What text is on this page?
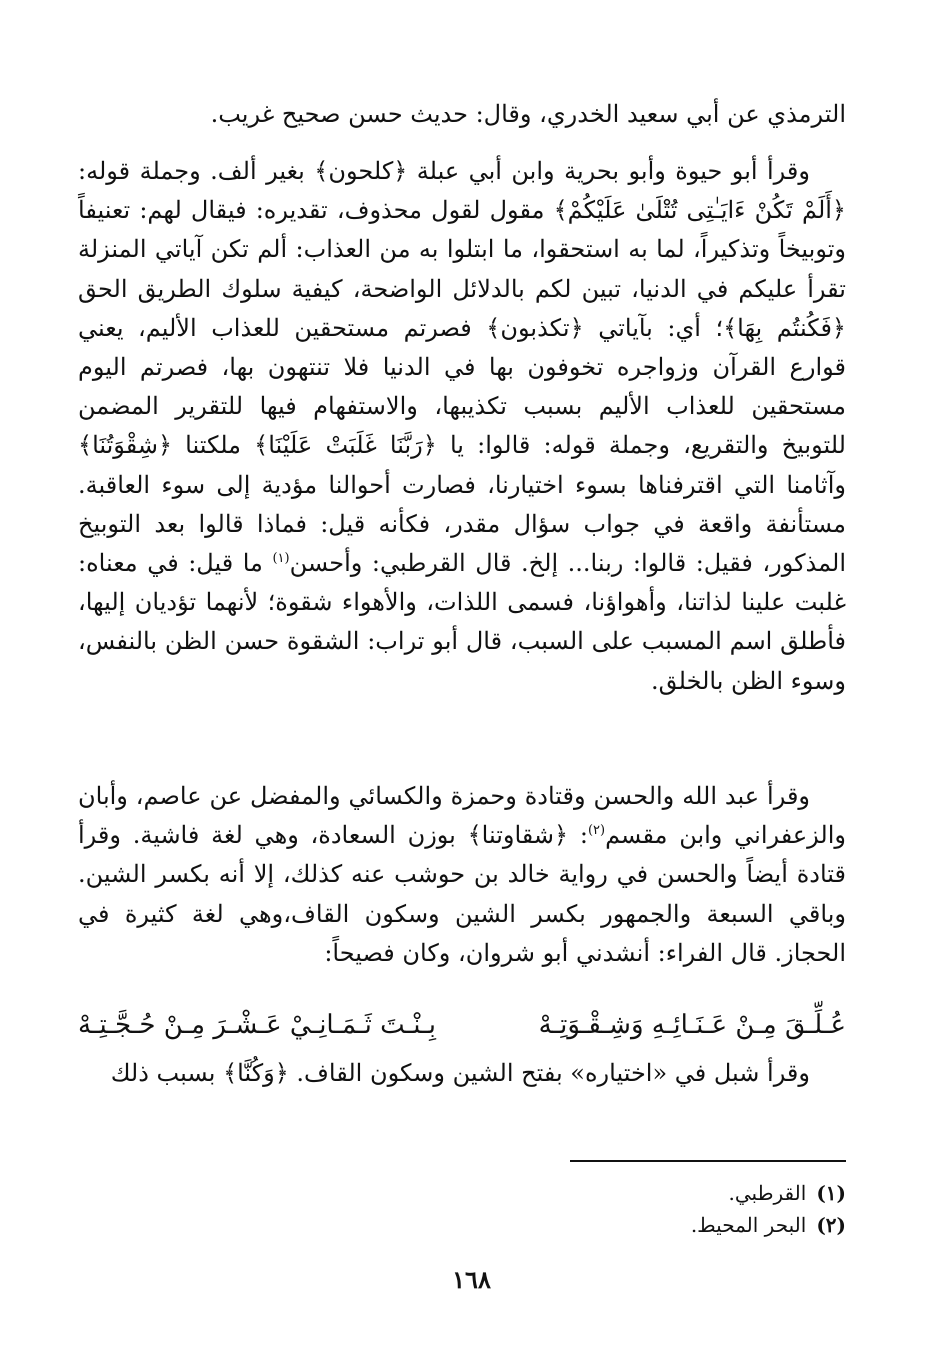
الترمذي عن أبي سعيد الخدري، وقال: حديث حسن صحيح غريب.

وقرأ أبو حيوة وأبو بحرية وابن أبي عبلة ﴿كلحون﴾ بغير ألف. وجملة قوله: ﴿أَلَمْ تَكُنْ ءَايَـٰتِى تُتْلَىٰ عَلَيْكُمْ﴾ مقول لقول محذوف، تقديره: فيقال لهم: تعنيفاً وتوبيخاً وتذكيراً، لما به استحقوا، ما ابتلوا به من العذاب: ألم تكن آياتي المنزلة تقرأ عليكم في الدنيا، تبين لكم بالدلائل الواضحة، كيفية سلوك الطريق الحق ﴿فَكُنتُم بِهَا﴾؛ أي: بآياتي ﴿تكذبون﴾ فصرتم مستحقين للعذاب الأليم، يعني قوارع القرآن وزواجره تخوفون بها في الدنيا فلا تنتهون بها، فصرتم اليوم مستحقين للعذاب الأليم بسبب تكذيبها، والاستفهام فيها للتقرير المضمن للتوبيخ والتقريع، وجملة قوله: قالوا: يا ﴿رَبَّنَا غَلَبَتْ عَلَيْنَا﴾ ملكتنا ﴿شِقْوَتُنَا﴾ وآثامنا التي اقترفناها بسوء اختيارنا، فصارت أحوالنا مؤدية إلى سوء العاقبة. مستأنفة واقعة في جواب سؤال مقدر، فكأنه قيل: فماذا قالوا بعد التوبيخ المذكور، فقيل: قالوا: ربنا... إلخ. قال القرطبي: وأحسن$^{(١)}$ ما قيل: في معناه: غلبت علينا لذاتنا، وأهواؤنا، فسمى اللذات، والأهواء شقوة؛ لأنهما تؤديان إليها، فأطلق اسم المسبب على السبب، قال أبو تراب: الشقوة حسن الظن بالنفس، وسوء الظن بالخلق.

وقرأ عبد الله والحسن وقتادة وحمزة والكسائي والمفضل عن عاصم، وأبان والزعفراني وابن مقسم$^{(٢)}$: ﴿شقاوتنا﴾ بوزن السعادة، وهي لغة فاشية. وقرأ قتادة أيضاً والحسن في رواية خالد بن حوشب عنه كذلك، إلا أنه بكسر الشين. وباقي السبعة والجمهور بكسر الشين وسكون القاف،وهي لغة كثيرة في الحجاز. قال الفراء: أنشدني أبو شروان، وكان فصيحاً:

عُـلِّـقَ مِـنْ عَـنَـائِـهِ وَشِـقْـوَتِـهْ
بِـنْـتَ ثَـمَـانِـيْ عَـشْـرَ مِـنْ حُـجَّـتِـهْ

وقرأ شبل في «اختياره» بفتح الشين وسكون القاف. ﴿وَكُنَّا﴾ بسبب ذلك

(١)القرطبي.

(٢)البحر المحيط.

١٦٨
